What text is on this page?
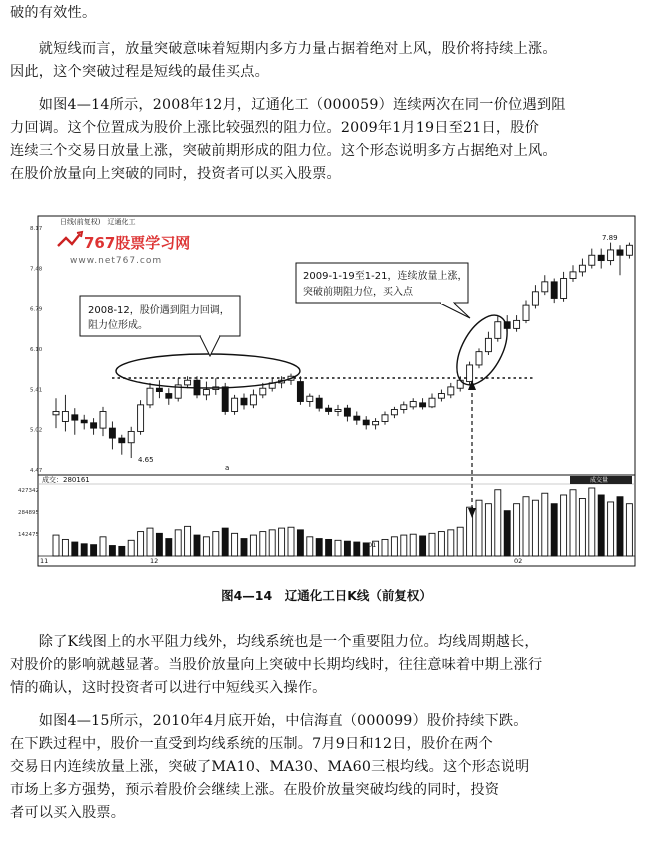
破的有效性。
　　就短线而言，放量突破意味着短期内多方力量占据着绝对上风，股价将持续上涨。
因此，这个突破过程是短线的最佳买点。
　　如图4—14所示，2008年12月，辽通化工（000059）连续两次在同一价位遇到阻
力回调。这个位置成为股价上涨比较强烈的阻力位。2009年1月19日至21日，股价
连续三个交易日放量上涨，突破前期形成的阻力位。这个形态说明多方占据绝对上风。
在股价放量向上突破的同时，投资者可以买入股票。
日线(前复权)　辽通化工
767股票学习网
www.net767.com
8.17
7.48
6.79
6.10
5.41
5.02
4.47
427342
284895
142475
2008-12，股价遇到阻力回调，
阻力位形成。
2009-1-19至1-21，连续放量上涨，
突破前期阻力位，买入点
4.65
7.89
a
成交：280161	成交量
11	12
01
02
图4—14　辽通化工日K线（前复权）
　　除了K线图上的水平阻力线外，均线系统也是一个重要阻力位。均线周期越长，
对股价的影响就越显著。当股价放量向上突破中长期均线时，往往意味着中期上涨行
情的确认，这时投资者可以进行中短线买入操作。
　　如图4—15所示，2010年4月底开始，中信海直（000099）股价持续下跌。
在下跌过程中，股价一直受到均线系统的压制。7月9日和12日，股价在两个
交易日内连续放量上涨，突破了MA10、MA30、MA60三根均线。这个形态说明
市场上多方强势，预示着股价会继续上涨。在股价放量突破均线的同时，投资
者可以买入股票。
